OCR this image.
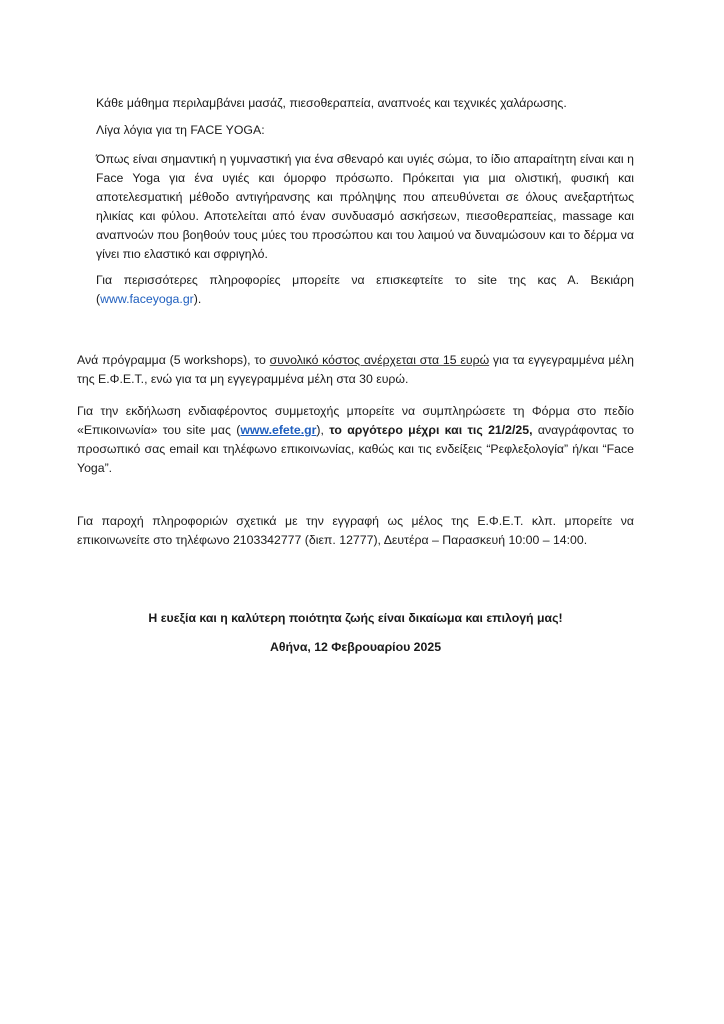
Κάθε μάθημα περιλαμβάνει μασάζ, πιεσοθεραπεία, αναπνοές και τεχνικές χαλάρωσης.

Λίγα λόγια για τη FACE YOGA:

Όπως είναι σημαντική η γυμναστική για ένα σθεναρό και υγιές σώμα, το ίδιο απαραίτητη είναι και η Face Yoga για ένα υγιές και όμορφο πρόσωπο. Πρόκειται για μια ολιστική, φυσική και αποτελεσματική μέθοδο αντιγήρανσης και πρόληψης που απευθύνεται σε όλους ανεξαρτήτως ηλικίας και φύλου. Αποτελείται από έναν συνδυασμό ασκήσεων, πιεσοθεραπείας, massage και αναπνοών που βοηθούν τους μύες του προσώπου και του λαιμού να δυναμώσουν και το δέρμα να γίνει πιο ελαστικό και σφριγηλό.

Για περισσότερες πληροφορίες μπορείτε να επισκεφτείτε το site της κας Α. Βεκιάρη (www.faceyoga.gr).

Ανά πρόγραμμα (5 workshops), το συνολικό κόστος ανέρχεται στα 15 ευρώ για τα εγγεγραμμένα μέλη της Ε.Φ.Ε.Τ., ενώ για τα μη εγγεγραμμένα μέλη στα 30 ευρώ.

Για την εκδήλωση ενδιαφέροντος συμμετοχής μπορείτε να συμπληρώσετε τη Φόρμα στο πεδίο «Επικοινωνία» του site μας (www.efete.gr), το αργότερο μέχρι και τις 21/2/25, αναγράφοντας το προσωπικό σας email και τηλέφωνο επικοινωνίας, καθώς και τις ενδείξεις “Ρεφλεξολογία” ή/και “Face Yoga”.

Για παροχή πληροφοριών σχετικά με την εγγραφή ως μέλος της Ε.Φ.Ε.Τ. κλπ. μπορείτε να επικοινωνείτε στο τηλέφωνο 2103342777 (διεπ. 12777), Δευτέρα – Παρασκευή 10:00 – 14:00.

Η ευεξία και η καλύτερη ποιότητα ζωής είναι δικαίωμα και επιλογή μας!

Αθήνα, 12 Φεβρουαρίου 2025
